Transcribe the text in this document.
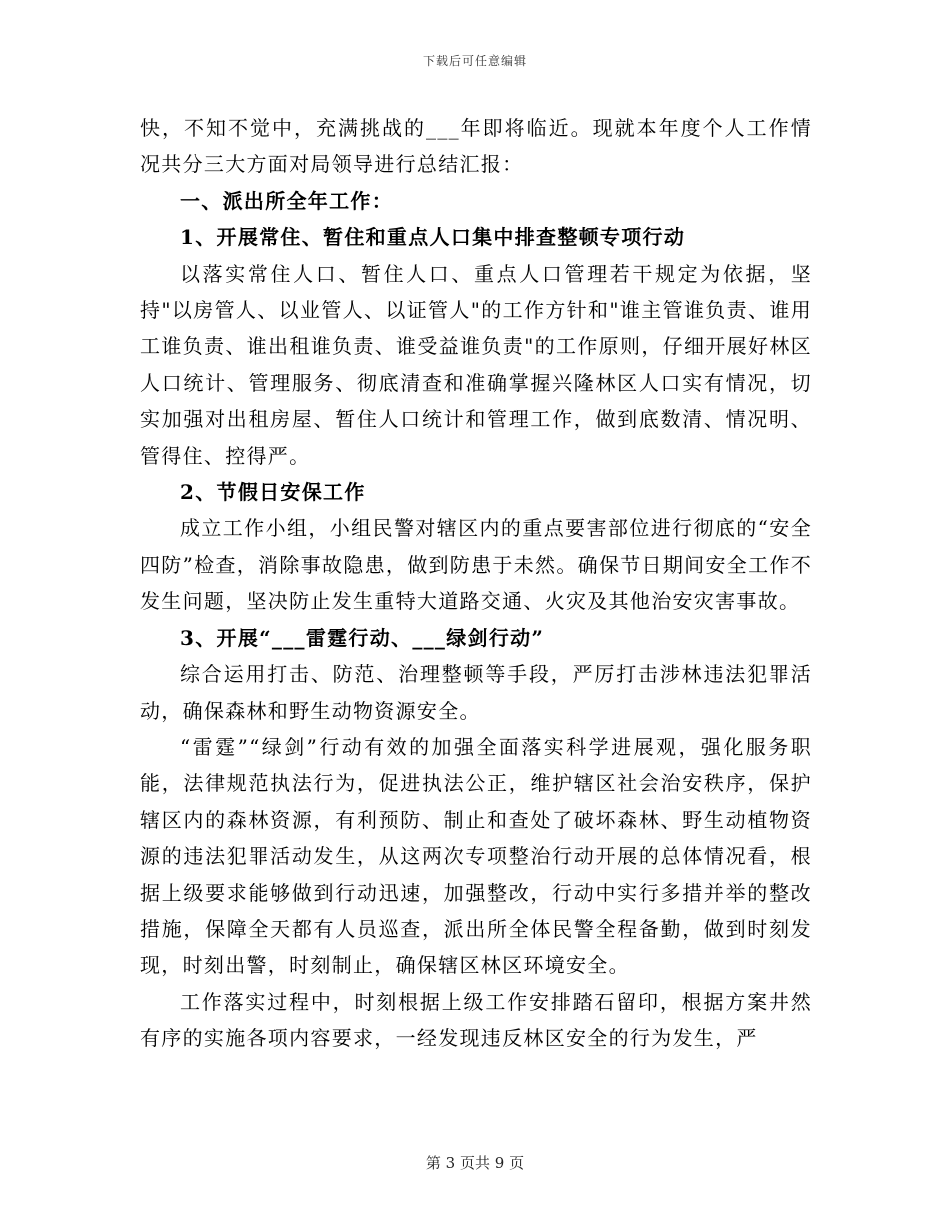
下载后可任意编辑

快，不知不觉中，充满挑战的___年即将临近。现就本年度个人工作情况共分三大方面对局领导进行总结汇报：

一、派出所全年工作：

1、开展常住、暂住和重点人口集中排查整顿专项行动

以落实常住人口、暂住人口、重点人口管理若干规定为依据，坚持"以房管人、以业管人、以证管人"的工作方针和"谁主管谁负责、谁用工谁负责、谁出租谁负责、谁受益谁负责"的工作原则，仔细开展好林区人口统计、管理服务、彻底清查和准确掌握兴隆林区人口实有情况，切实加强对出租房屋、暂住人口统计和管理工作，做到底数清、情况明、管得住、控得严。

2、节假日安保工作

成立工作小组，小组民警对辖区内的重点要害部位进行彻底的“安全四防”检查，消除事故隐患，做到防患于未然。确保节日期间安全工作不发生问题，坚决防止发生重特大道路交通、火灾及其他治安灾害事故。

3、开展“___雷霆行动、___绿剑行动”

综合运用打击、防范、治理整顿等手段，严厉打击涉林违法犯罪活动，确保森林和野生动物资源安全。

“雷霆”“绿剑”行动有效的加强全面落实科学进展观，强化服务职能，法律规范执法行为，促进执法公正，维护辖区社会治安秩序，保护辖区内的森林资源，有利预防、制止和查处了破坏森林、野生动植物资源的违法犯罪活动发生，从这两次专项整治行动开展的总体情况看，根据上级要求能够做到行动迅速，加强整改，行动中实行多措并举的整改措施，保障全天都有人员巡查，派出所全体民警全程备勤，做到时刻发现，时刻出警，时刻制止，确保辖区林区环境安全。

工作落实过程中，时刻根据上级工作安排踏石留印，根据方案井然有序的实施各项内容要求，一经发现违反林区安全的行为发生，严

第 3 页共 9 页
